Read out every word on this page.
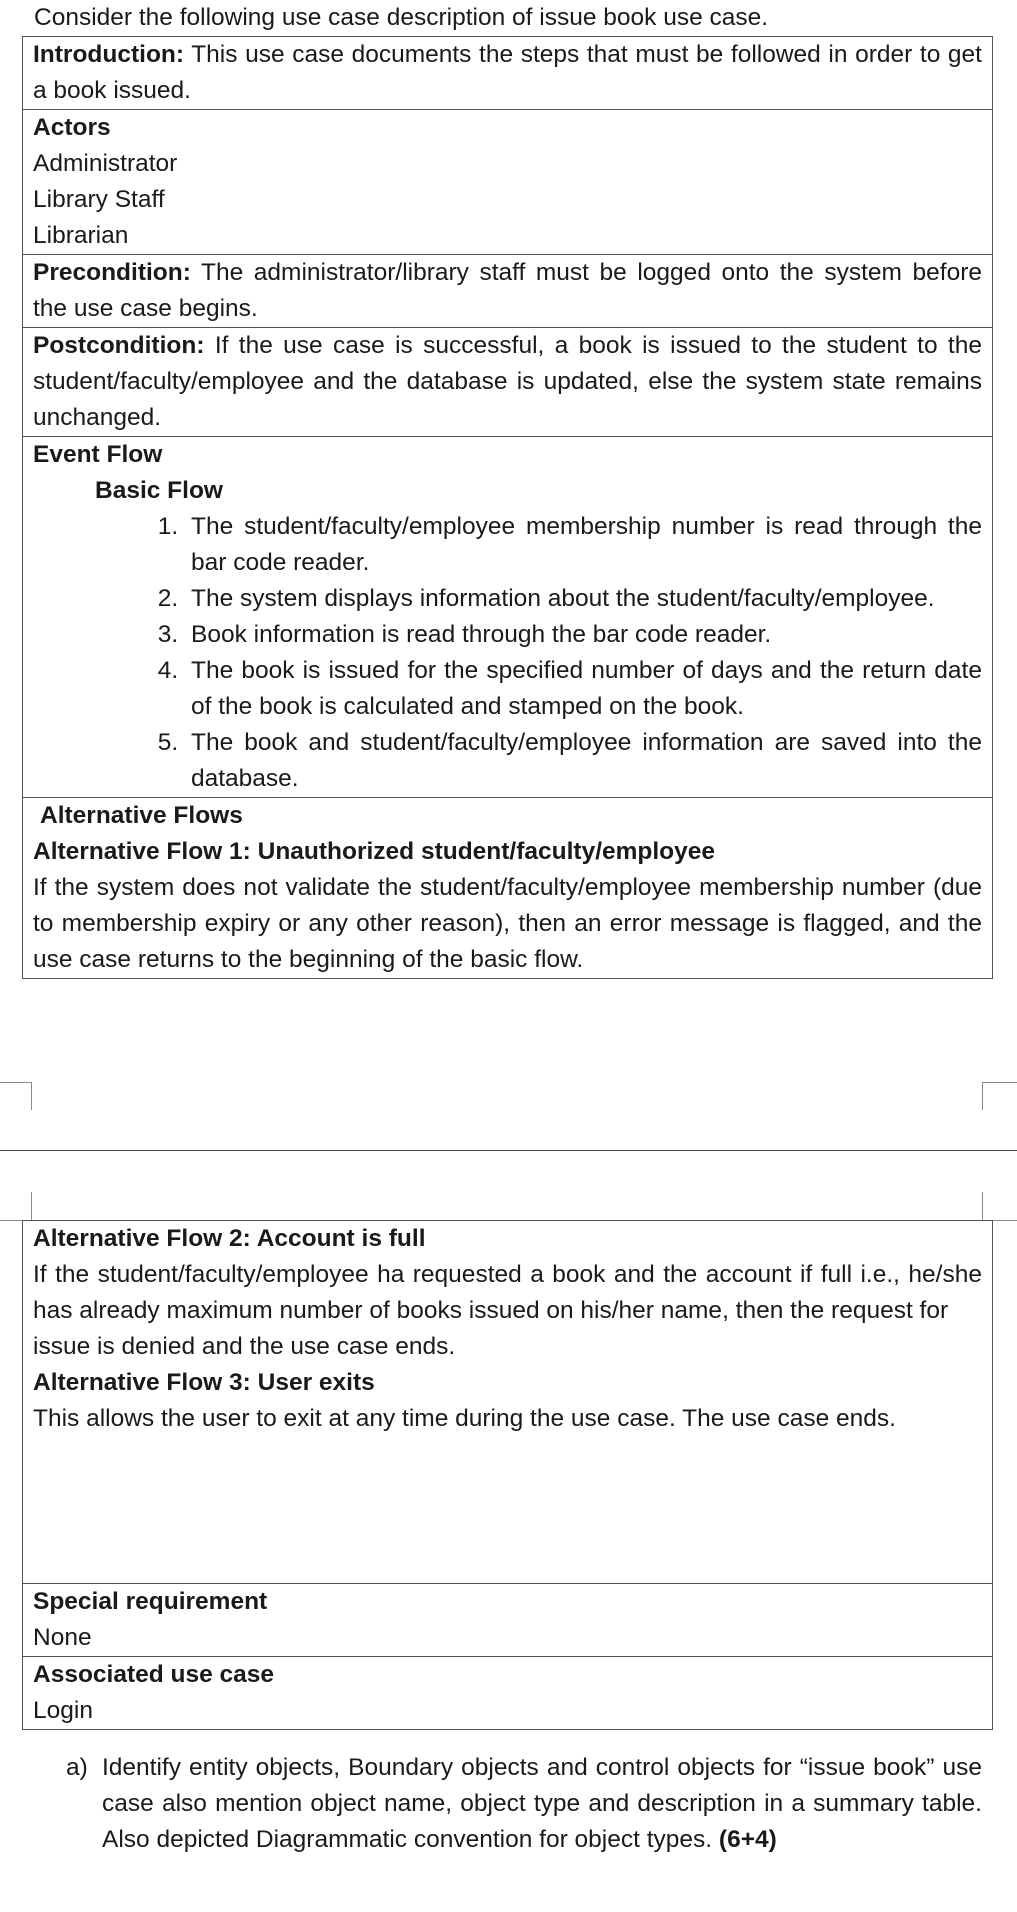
Consider the following use case description of issue book use case.
Introduction: This use case documents the steps that must be followed in order to get a book issued.

Actors
Administrator
Library Staff
Librarian

Precondition: The administrator/library staff must be logged onto the system before the use case begins.
Postcondition: If the use case is successful, a book is issued to the student to the student/faculty/employee and the database is updated, else the system state remains unchanged.

Event Flow
Basic Flow
1. The student/faculty/employee membership number is read through the bar code reader.
2. The system displays information about the student/faculty/employee.
3. Book information is read through the bar code reader.
4. The book is issued for the specified number of days and the return date of the book is calculated and stamped on the book.
5. The book and student/faculty/employee information are saved into the database.

Alternative Flows
Alternative Flow 1: Unauthorized student/faculty/employee
If the system does not validate the student/faculty/employee membership number (due to membership expiry or any other reason), then an error message is flagged, and the use case returns to the beginning of the basic flow.
Alternative Flow 2: Account is full
If the student/faculty/employee ha requested a book and the account if full i.e., he/she has already maximum number of books issued on his/her name, then the request for
issue is denied and the use case ends.
Alternative Flow 3: User exits
This allows the user to exit at any time during the use case. The use case ends.

Special requirement
None

Associated use case
Login
a) Identify entity objects, Boundary objects and control objects for “issue book” use case also mention object name, object type and description in a summary table. Also depicted Diagrammatic convention for object types. (6+4)
